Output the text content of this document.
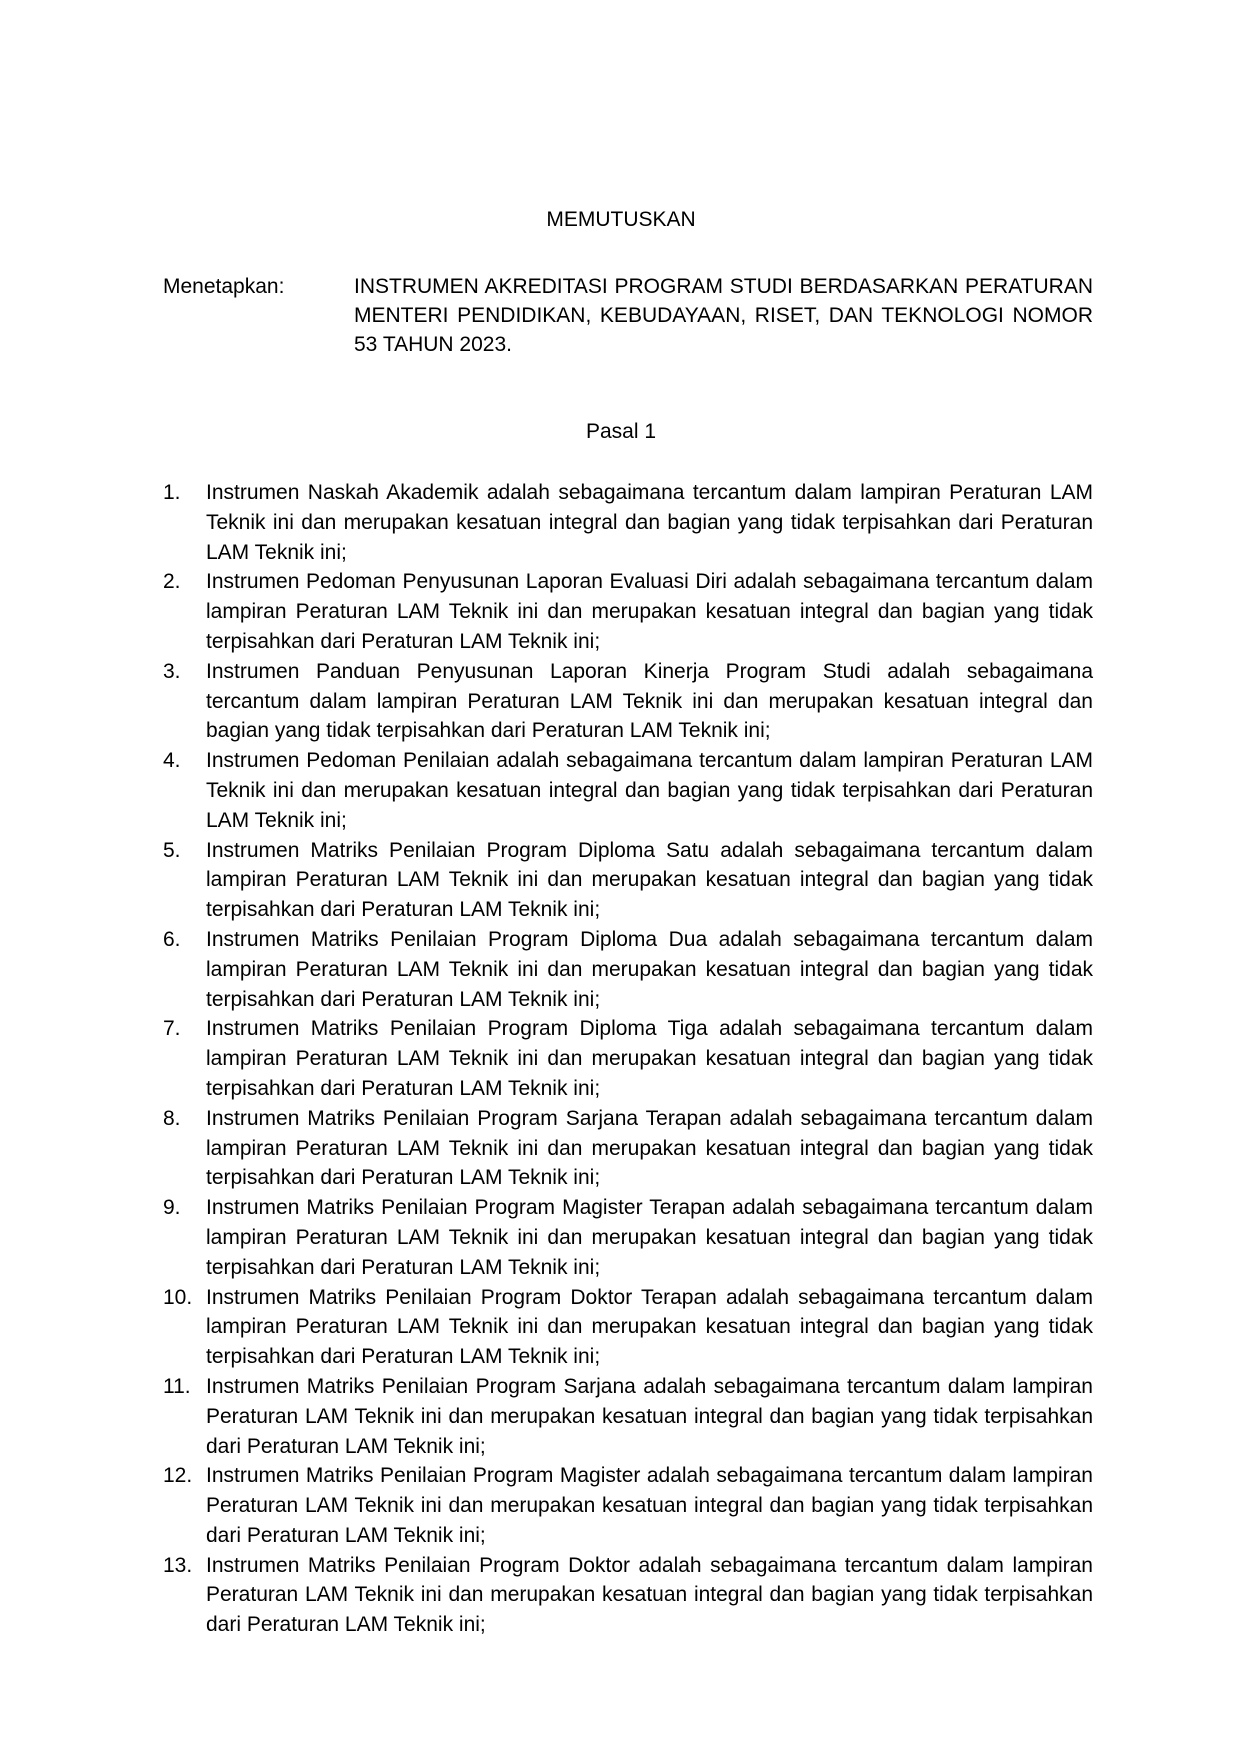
MEMUTUSKAN
Menetapkan:	INSTRUMEN AKREDITASI PROGRAM STUDI BERDASARKAN PERATURAN MENTERI PENDIDIKAN, KEBUDAYAAN, RISET, DAN TEKNOLOGI NOMOR 53 TAHUN 2023.
Pasal 1
1.	Instrumen Naskah Akademik adalah sebagaimana tercantum dalam lampiran Peraturan LAM Teknik ini dan merupakan kesatuan integral dan bagian yang tidak terpisahkan dari Peraturan LAM Teknik ini;
2.	Instrumen Pedoman Penyusunan Laporan Evaluasi Diri adalah sebagaimana tercantum dalam lampiran Peraturan LAM Teknik ini dan merupakan kesatuan integral dan bagian yang tidak terpisahkan dari Peraturan LAM Teknik ini;
3.	Instrumen Panduan Penyusunan Laporan Kinerja Program Studi adalah sebagaimana tercantum dalam lampiran Peraturan LAM Teknik ini dan merupakan kesatuan integral dan bagian yang tidak terpisahkan dari Peraturan LAM Teknik ini;
4.	Instrumen Pedoman Penilaian adalah sebagaimana tercantum dalam lampiran Peraturan LAM Teknik ini dan merupakan kesatuan integral dan bagian yang tidak terpisahkan dari Peraturan LAM Teknik ini;
5.	Instrumen Matriks Penilaian Program Diploma Satu adalah sebagaimana tercantum dalam lampiran Peraturan LAM Teknik ini dan merupakan kesatuan integral dan bagian yang tidak terpisahkan dari Peraturan LAM Teknik ini;
6.	Instrumen Matriks Penilaian Program Diploma Dua adalah sebagaimana tercantum dalam lampiran Peraturan LAM Teknik ini dan merupakan kesatuan integral dan bagian yang tidak terpisahkan dari Peraturan LAM Teknik ini;
7.	Instrumen Matriks Penilaian Program Diploma Tiga adalah sebagaimana tercantum dalam lampiran Peraturan LAM Teknik ini dan merupakan kesatuan integral dan bagian yang tidak terpisahkan dari Peraturan LAM Teknik ini;
8.	Instrumen Matriks Penilaian Program Sarjana Terapan adalah sebagaimana tercantum dalam lampiran Peraturan LAM Teknik ini dan merupakan kesatuan integral dan bagian yang tidak terpisahkan dari Peraturan LAM Teknik ini;
9.	Instrumen Matriks Penilaian Program Magister Terapan adalah sebagaimana tercantum dalam lampiran Peraturan LAM Teknik ini dan merupakan kesatuan integral dan bagian yang tidak terpisahkan dari Peraturan LAM Teknik ini;
10. Instrumen Matriks Penilaian Program Doktor Terapan adalah sebagaimana tercantum dalam lampiran Peraturan LAM Teknik ini dan merupakan kesatuan integral dan bagian yang tidak terpisahkan dari Peraturan LAM Teknik ini;
11. Instrumen Matriks Penilaian Program Sarjana adalah sebagaimana tercantum dalam lampiran Peraturan LAM Teknik ini dan merupakan kesatuan integral dan bagian yang tidak terpisahkan dari Peraturan LAM Teknik ini;
12. Instrumen Matriks Penilaian Program Magister adalah sebagaimana tercantum dalam lampiran Peraturan LAM Teknik ini dan merupakan kesatuan integral dan bagian yang tidak terpisahkan dari Peraturan LAM Teknik ini;
13. Instrumen Matriks Penilaian Program Doktor adalah sebagaimana tercantum dalam lampiran Peraturan LAM Teknik ini dan merupakan kesatuan integral dan bagian yang tidak terpisahkan dari Peraturan LAM Teknik ini;
